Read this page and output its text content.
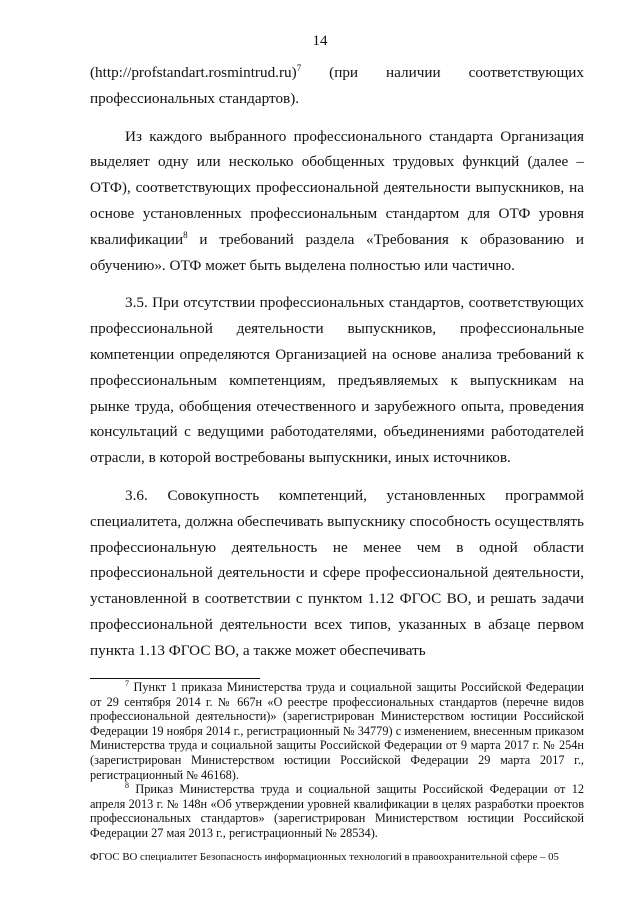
14

(http://profstandart.rosmintrud.ru)$^7$     (при     наличии     соответствующих профессиональных стандартов).

Из каждого выбранного профессионального стандарта Организация выделяет одну или несколько обобщенных трудовых функций (далее – ОТФ), соответствующих профессиональной деятельности выпускников, на основе установленных профессиональным стандартом для ОТФ уровня квалификации$^8$ и требований раздела «Требования к образованию и обучению». ОТФ может быть выделена полностью или частично.

3.5. При отсутствии профессиональных стандартов, соответствующих профессиональной деятельности выпускников, профессиональные компетенции определяются Организацией на основе анализа требований к профессиональным компетенциям, предъявляемых к выпускникам на рынке труда, обобщения отечественного и зарубежного опыта, проведения консультаций с ведущими работодателями, объединениями работодателей отрасли, в которой востребованы выпускники, иных источников.

3.6. Совокупность компетенций, установленных программой специалитета, должна обеспечивать выпускнику способность осуществлять профессиональную деятельность не менее чем в одной области профессиональной деятельности и сфере профессиональной деятельности, установленной в соответствии с пунктом 1.12 ФГОС ВО, и решать задачи профессиональной деятельности всех типов, указанных в абзаце первом пункта 1.13 ФГОС ВО, а также может обеспечивать

$^7$ Пункт 1 приказа Министерства труда и социальной защиты Российской Федерации от 29 сентября 2014 г. № 667н «О реестре профессиональных стандартов (перечне видов профессиональной деятельности)» (зарегистрирован Министерством юстиции Российской Федерации 19 ноября 2014 г., регистрационный № 34779) с изменением, внесенным приказом Министерства труда и социальной защиты Российской Федерации от 9 марта 2017 г. № 254н (зарегистрирован Министерством юстиции Российской Федерации 29 марта 2017 г., регистрационный № 46168).

$^8$ Приказ Министерства труда и социальной защиты Российской Федерации от 12 апреля 2013 г. № 148н «Об утверждении уровней квалификации в целях разработки проектов профессиональных стандартов» (зарегистрирован Министерством юстиции Российской Федерации 27 мая 2013 г., регистрационный № 28534).

ФГОС ВО специалитет Безопасность информационных технологий в правоохранительной сфере – 05
